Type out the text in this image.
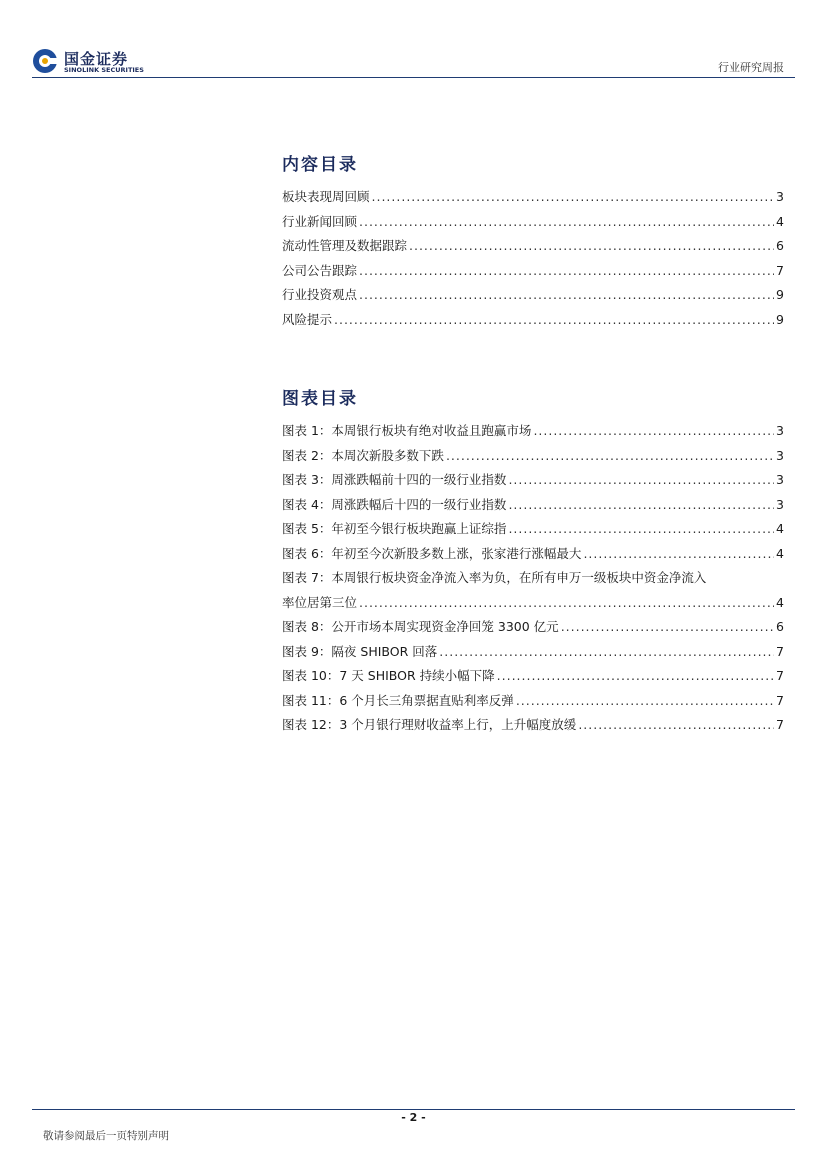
国金证券
SINOLINK SECURITIES	行业研究周报
内容目录
板块表现周回顾 .....	3
行业新闻回顾 .....	4
流动性管理及数据跟踪 .....	6
公司公告跟踪 .....	7
行业投资观点 .....	9
风险提示 .....	9
图表目录
图表 1：本周银行板块有绝对收益且跑赢市场 .....	3
图表 2：本周次新股多数下跌 .....	3
图表 3：周涨跌幅前十四的一级行业指数 .....	3
图表 4：周涨跌幅后十四的一级行业指数 .....	3
图表 5：年初至今银行板块跑赢上证综指 .....	4
图表 6：年初至今次新股多数上涨，张家港行涨幅最大 .....	4
图表 7：本周银行板块资金净流入率为负，在所有申万一级板块中资金净流入
率位居第三位 .....	4
图表 8：公开市场本周实现资金净回笼 3300 亿元 .....	6
图表 9：隔夜 SHIBOR 回落 .....	7
图表 10：7 天 SHIBOR 持续小幅下降 .....	7
图表 11：6 个月长三角票据直贴利率反弹 .....	7
图表 12：3 个月银行理财收益率上行，上升幅度放缓 .....	7
- 2 -
敬请参阅最后一页特别声明
